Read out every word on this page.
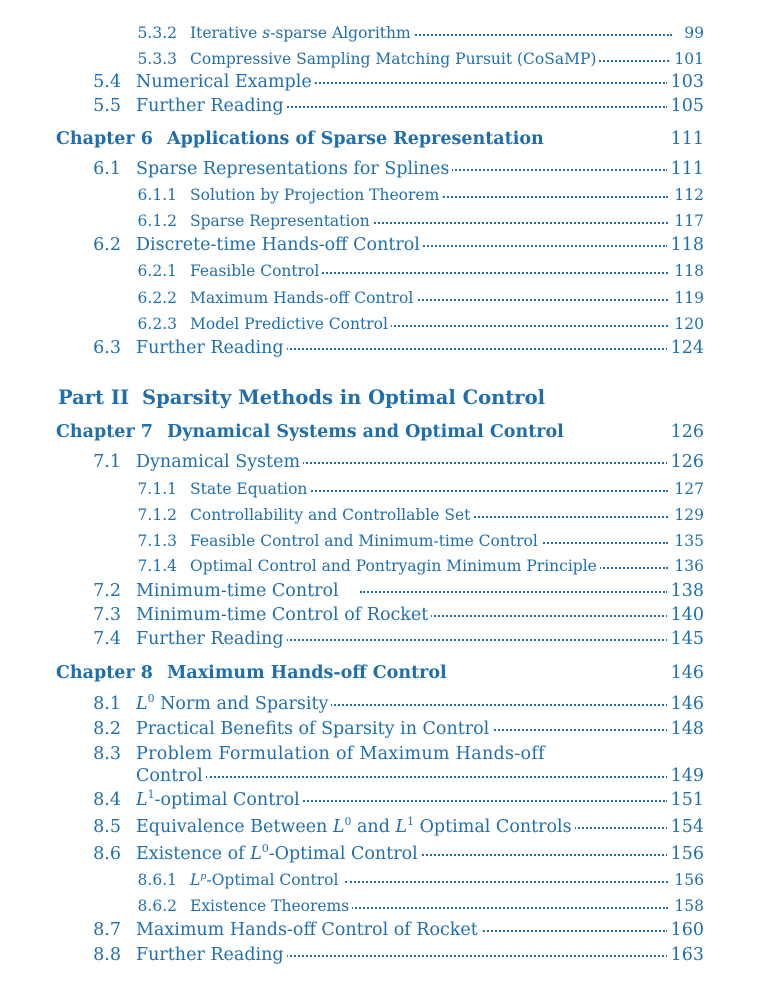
5.3.2 Iterative s-sparse Algorithm	99
5.3.3 Compressive Sampling Matching Pursuit (CoSaMP)	101
5.4 Numerical Example	103
5.5 Further Reading	105
Chapter 6 Applications of Sparse Representation	111
6.1 Sparse Representations for Splines	111
6.1.1 Solution by Projection Theorem	112
6.1.2 Sparse Representation	117
6.2 Discrete-time Hands-off Control	118
6.2.1 Feasible Control	118
6.2.2 Maximum Hands-off Control	119
6.2.3 Model Predictive Control	120
6.3 Further Reading	124
Part II Sparsity Methods in Optimal Control
Chapter 7 Dynamical Systems and Optimal Control	126
7.1 Dynamical System	126
7.1.1 State Equation	127
7.1.2 Controllability and Controllable Set	129
7.1.3 Feasible Control and Minimum-time Control	135
7.1.4 Optimal Control and Pontryagin Minimum Principle	136
7.2 Minimum-time Control	138
7.3 Minimum-time Control of Rocket	140
7.4 Further Reading	145
Chapter 8 Maximum Hands-off Control	146
8.1 $L^0$ Norm and Sparsity	146
8.2 Practical Benefits of Sparsity in Control	148
8.3 Problem Formulation of Maximum Hands-off
Control	149
8.4 $L^1$-optimal Control	151
8.5 Equivalence Between $L^0$ and $L^1$ Optimal Controls	154
8.6 Existence of $L^0$-Optimal Control	156
8.6.1 $L^p$-Optimal Control	156
8.6.2 Existence Theorems	158
8.7 Maximum Hands-off Control of Rocket	160
8.8 Further Reading	163
